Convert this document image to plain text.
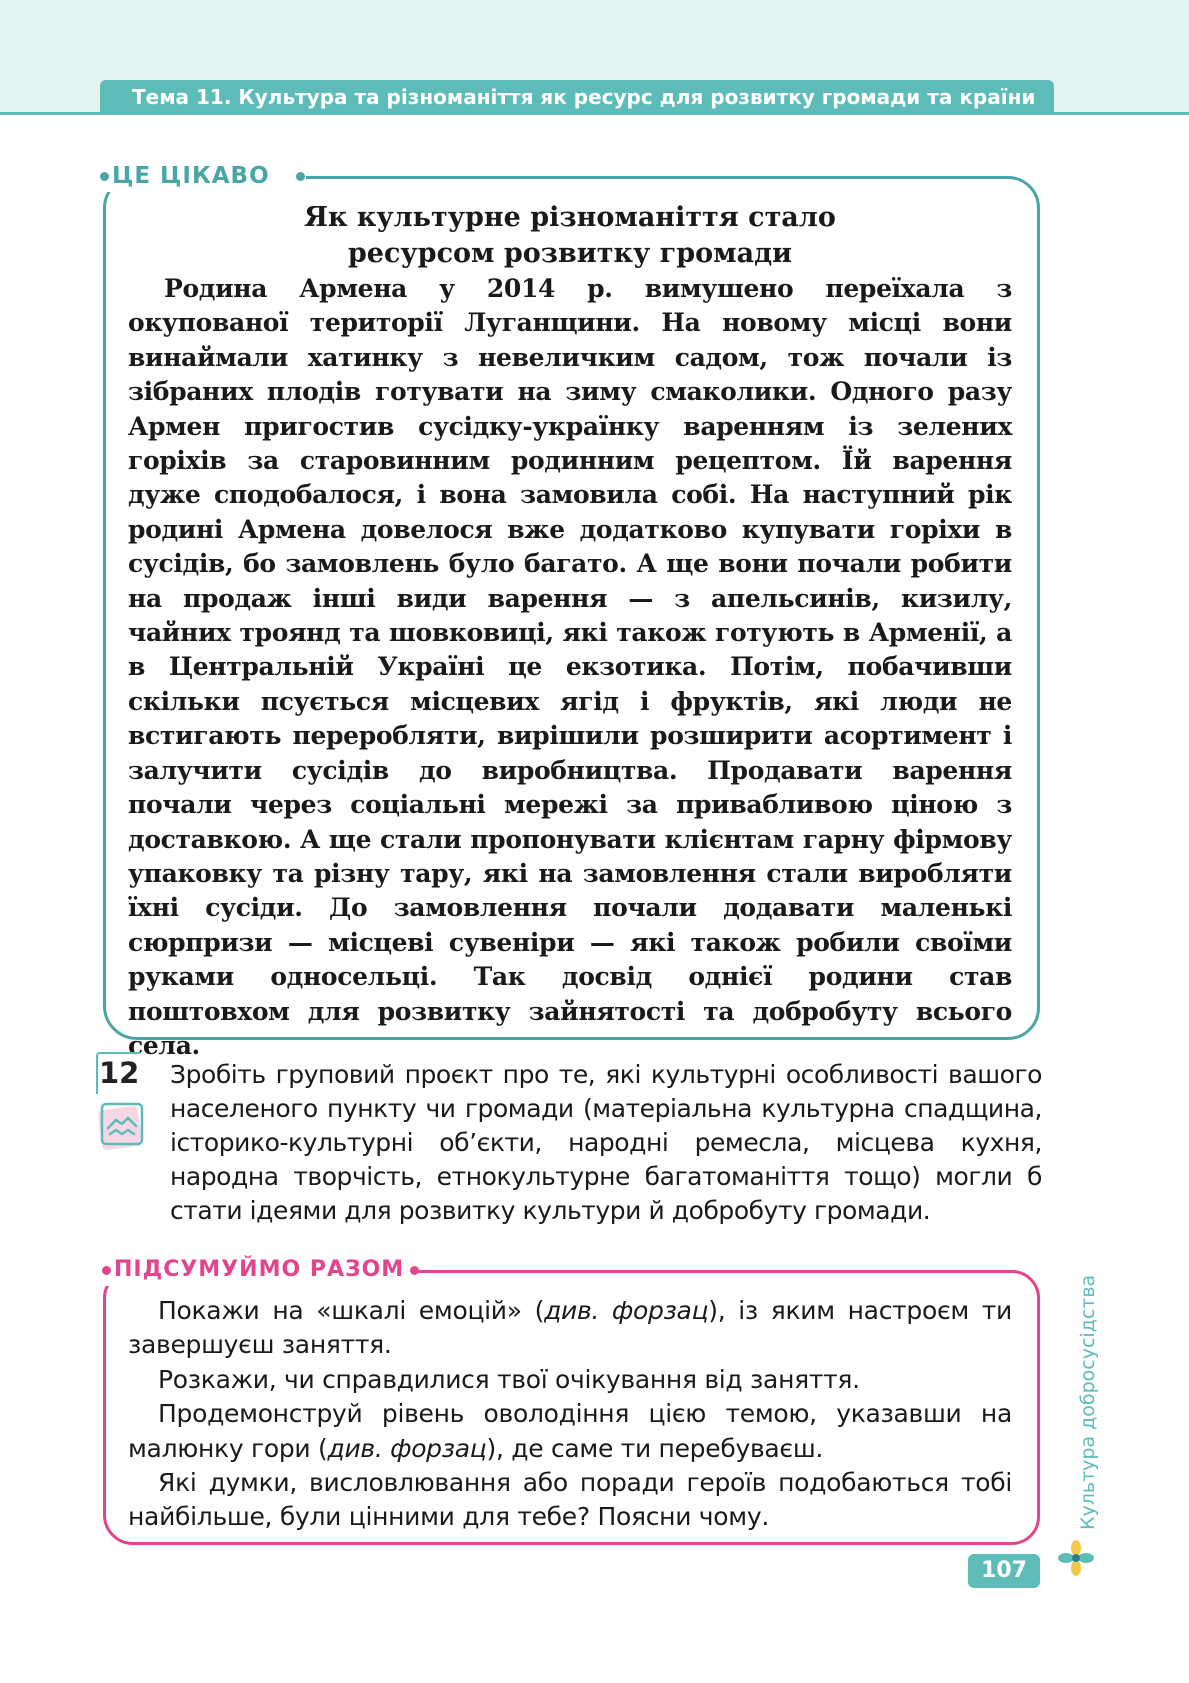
Тема 11. Культура та різноманіття як ресурс для розвитку громади та країни
ЦЕ ЦІКАВО
Як культурне різноманіття стало
ресурсом розвитку громади

Родина Армена у 2014 р. вимушено переїхала з окупованої території Луганщини. На новому місці вони винаймали хатинку з невеличким садом, тож почали із зібраних плодів готувати на зиму смаколики. Одного разу Армен пригостив сусідку-українку варенням із зелених горіхів за старовинним родинним рецептом. Їй варення дуже сподобалося, і вона замовила собі. На наступний рік родині Армена довелося вже додатково купувати горіхи в сусідів, бо замовлень було багато. А ще вони почали робити на продаж інші види варення — з апельсинів, кизилу, чайних троянд та шовковиці, які також готують в Арменії, а в Центральній Україні це екзотика. Потім, побачивши скільки псується місцевих ягід і фруктів, які люди не встигають переробляти, вирішили розширити асортимент і залучити сусідів до виробництва. Продавати варення почали через соціальні мережі за привабливою ціною з доставкою. А ще стали пропонувати клієнтам гарну фірмову упаковку та різну тару, які на замовлення стали виробляти їхні сусіди. До замовлення почали додавати маленькі сюрпризи — місцеві сувеніри — які також робили своїми руками односельці. Так досвід однієї родини став поштовхом для розвитку зайнятості та добробуту всього села.

12 Зробіть груповий проєкт про те, які культурні особливості вашого населеного пункту чи громади (матеріальна культурна спадщина, історико-культурні об’єкти, народні ремесла, місцева кухня, народна творчість, етнокультурне багатоманіття тощо) могли б стати ідеями для розвитку культури й добробуту громади.

ПІДСУМУЙМО РАЗОМ

Покажи на «шкалі емоцій» (див. форзац), із яким настроєм ти завершуєш заняття.

Розкажи, чи справдилися твої очікування від заняття.

Продемонструй рівень оволодіння цією темою, указавши на малюнку гори (див. форзац), де саме ти перебуваєш.

Які думки, висловлювання або поради героїв подобаються тобі найбільше, були цінними для тебе? Поясни чому.	Культура добросусідства
107
